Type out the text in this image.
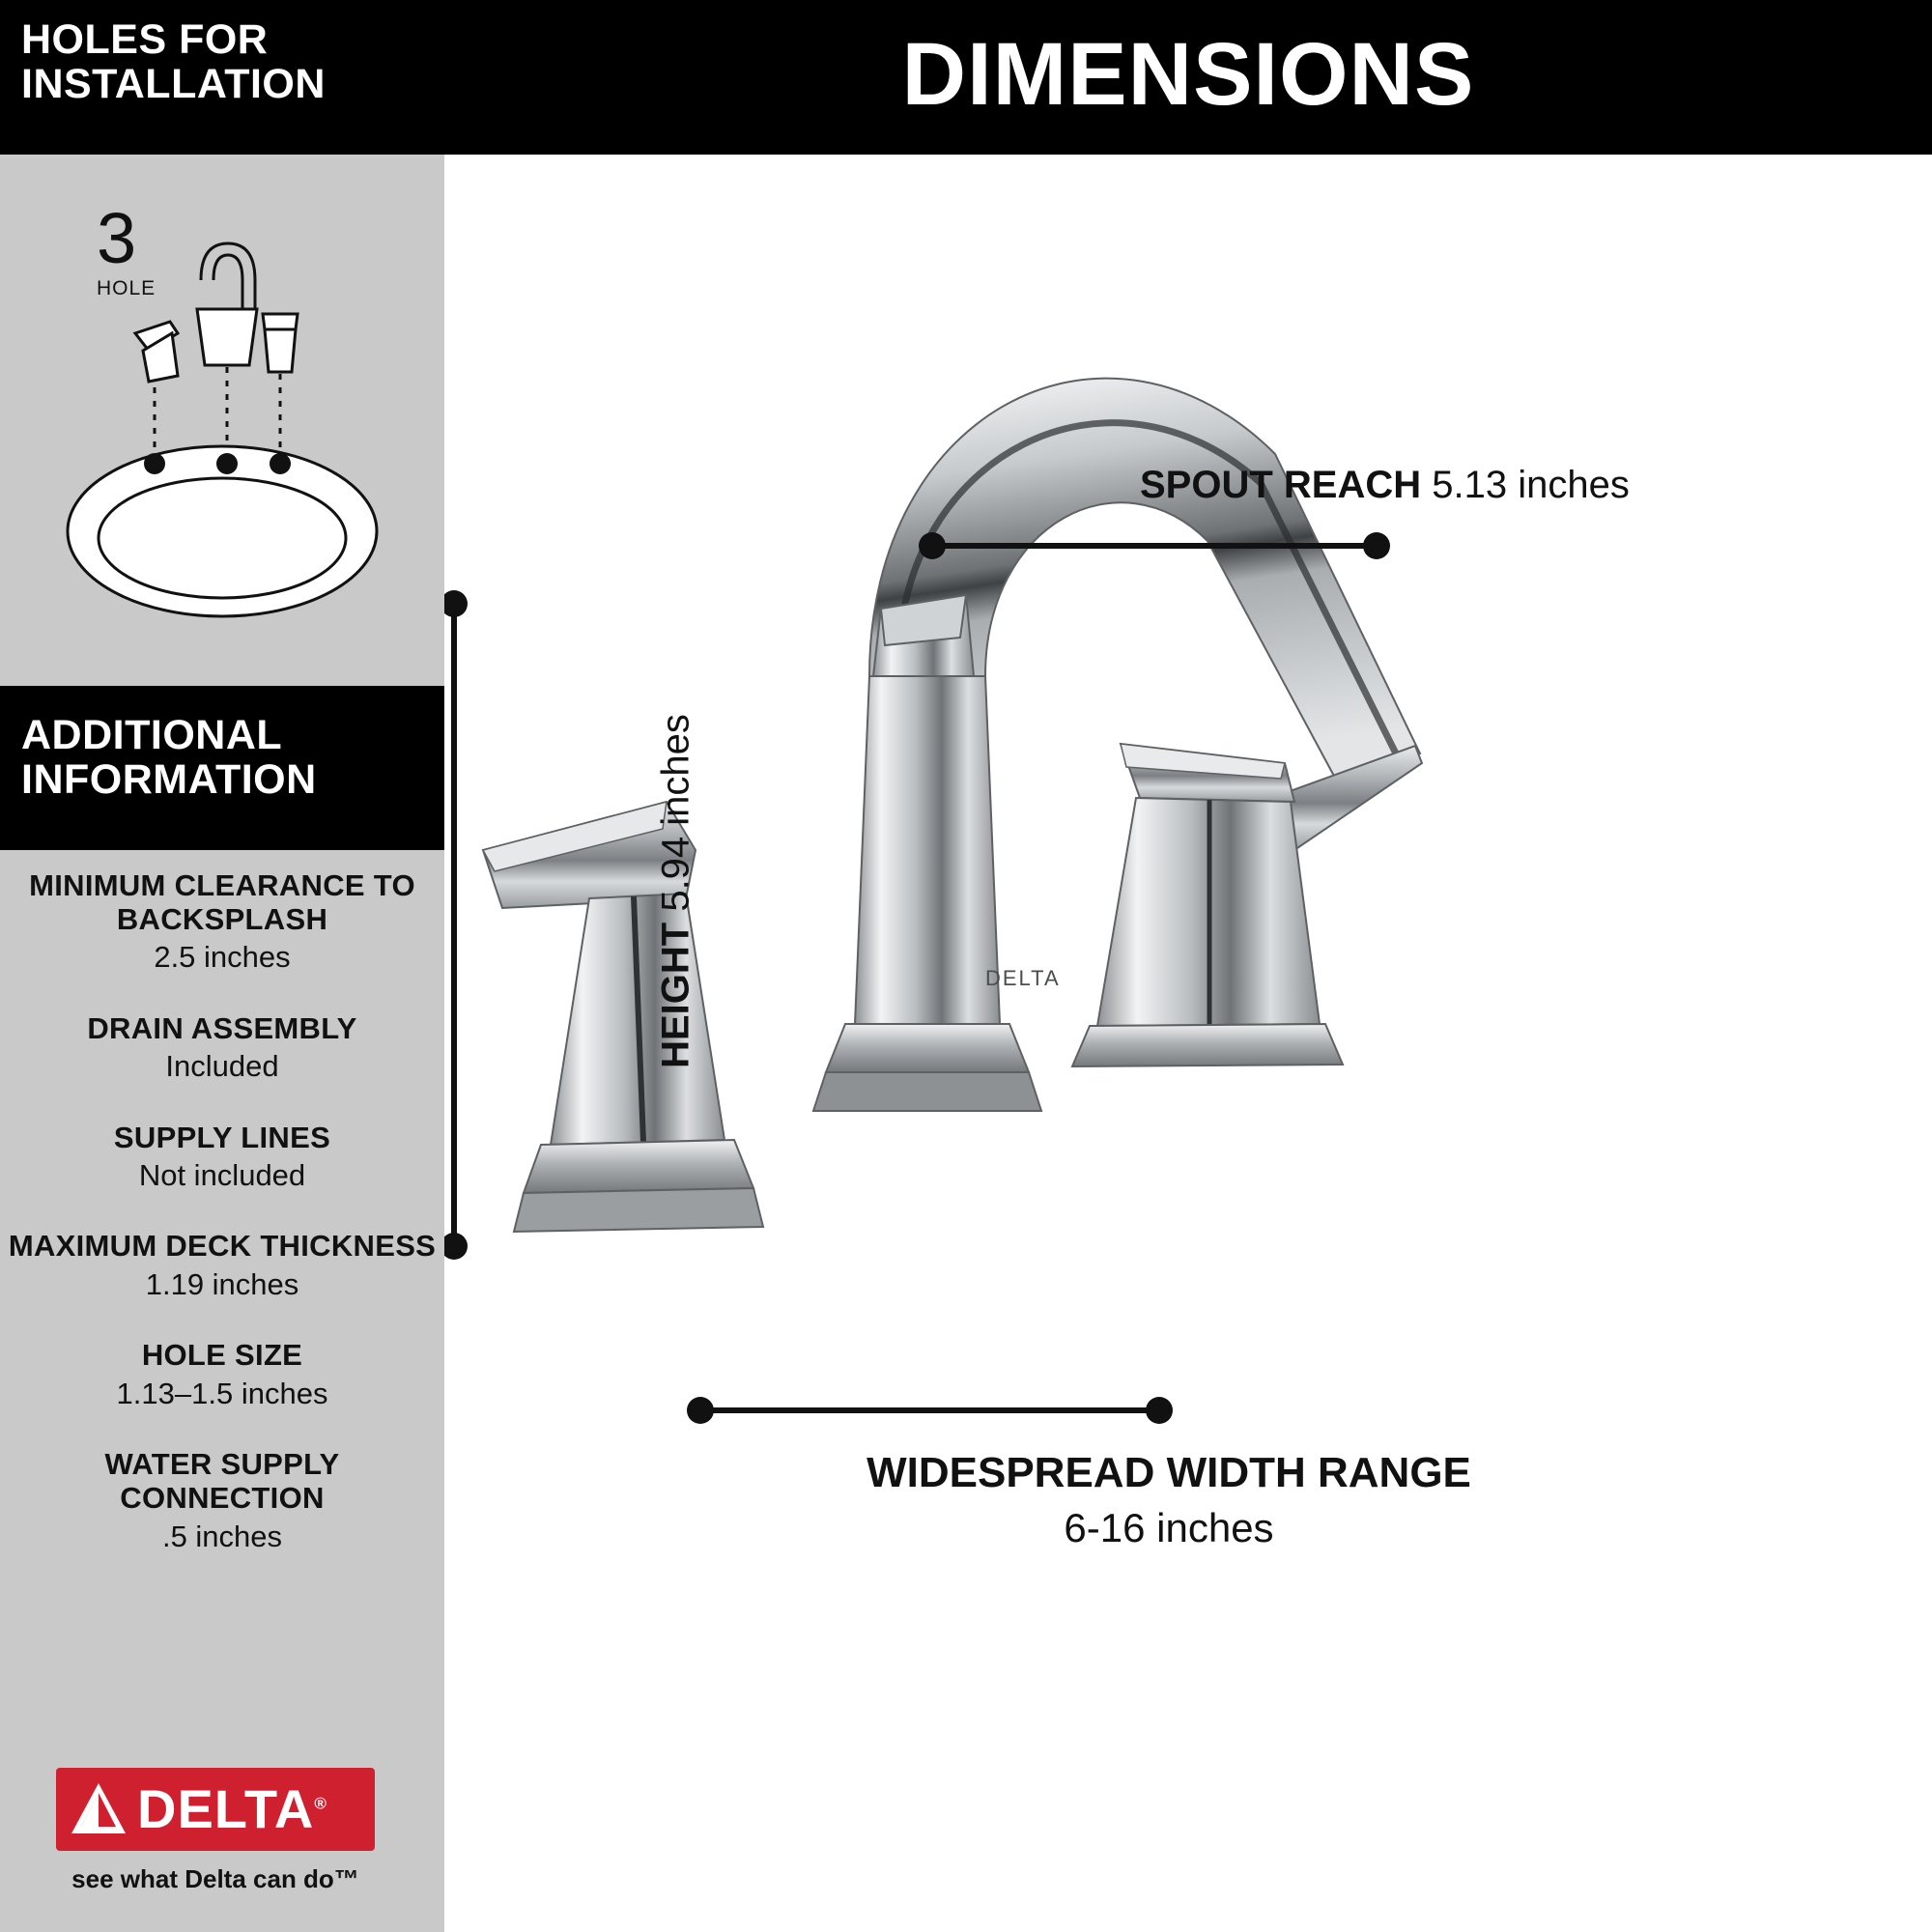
HOLES FOR INSTALLATION
3
HOLE
ADDITIONAL INFORMATION
MINIMUM CLEARANCE TO BACKSPLASH
2.5 inches
DRAIN ASSEMBLY
Included
SUPPLY LINES
Not included
MAXIMUM DECK THICKNESS
1.19 inches
HOLE SIZE
1.13–1.5 inches
WATER SUPPLY CONNECTION
.5 inches
DELTA®
see what Delta can do™
DIMENSIONS
DELTA
SPOUT REACH 5.13 inches
HEIGHT 5.94 inches
WIDESPREAD WIDTH RANGE
6-16 inches
